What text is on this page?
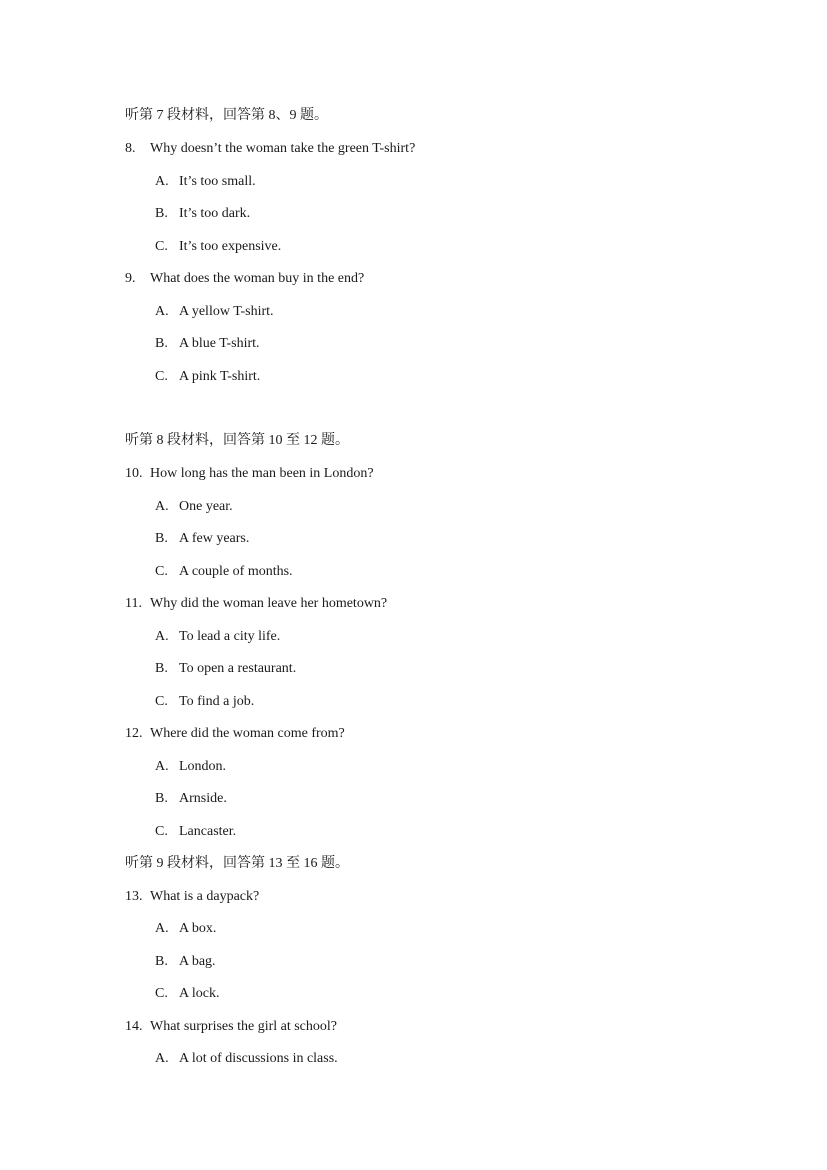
听第 7 段材料，回答第 8、9 题。
8. Why doesn’t the woman take the green T-shirt?
A. It’s too small.
B. It’s too dark.
C. It’s too expensive.
9. What does the woman buy in the end?
A. A yellow T-shirt.
B. A blue T-shirt.
C. A pink T-shirt.
听第 8 段材料，回答第 10 至 12 题。
10. How long has the man been in London?
A. One year.
B. A few years.
C. A couple of months.
11. Why did the woman leave her hometown?
A. To lead a city life.
B. To open a restaurant.
C. To find a job.
12. Where did the woman come from?
A. London.
B. Arnside.
C. Lancaster.
听第 9 段材料，回答第 13 至 16 题。
13. What is a daypack?
A. A box.
B. A bag.
C. A lock.
14. What surprises the girl at school?
A. A lot of discussions in class.
